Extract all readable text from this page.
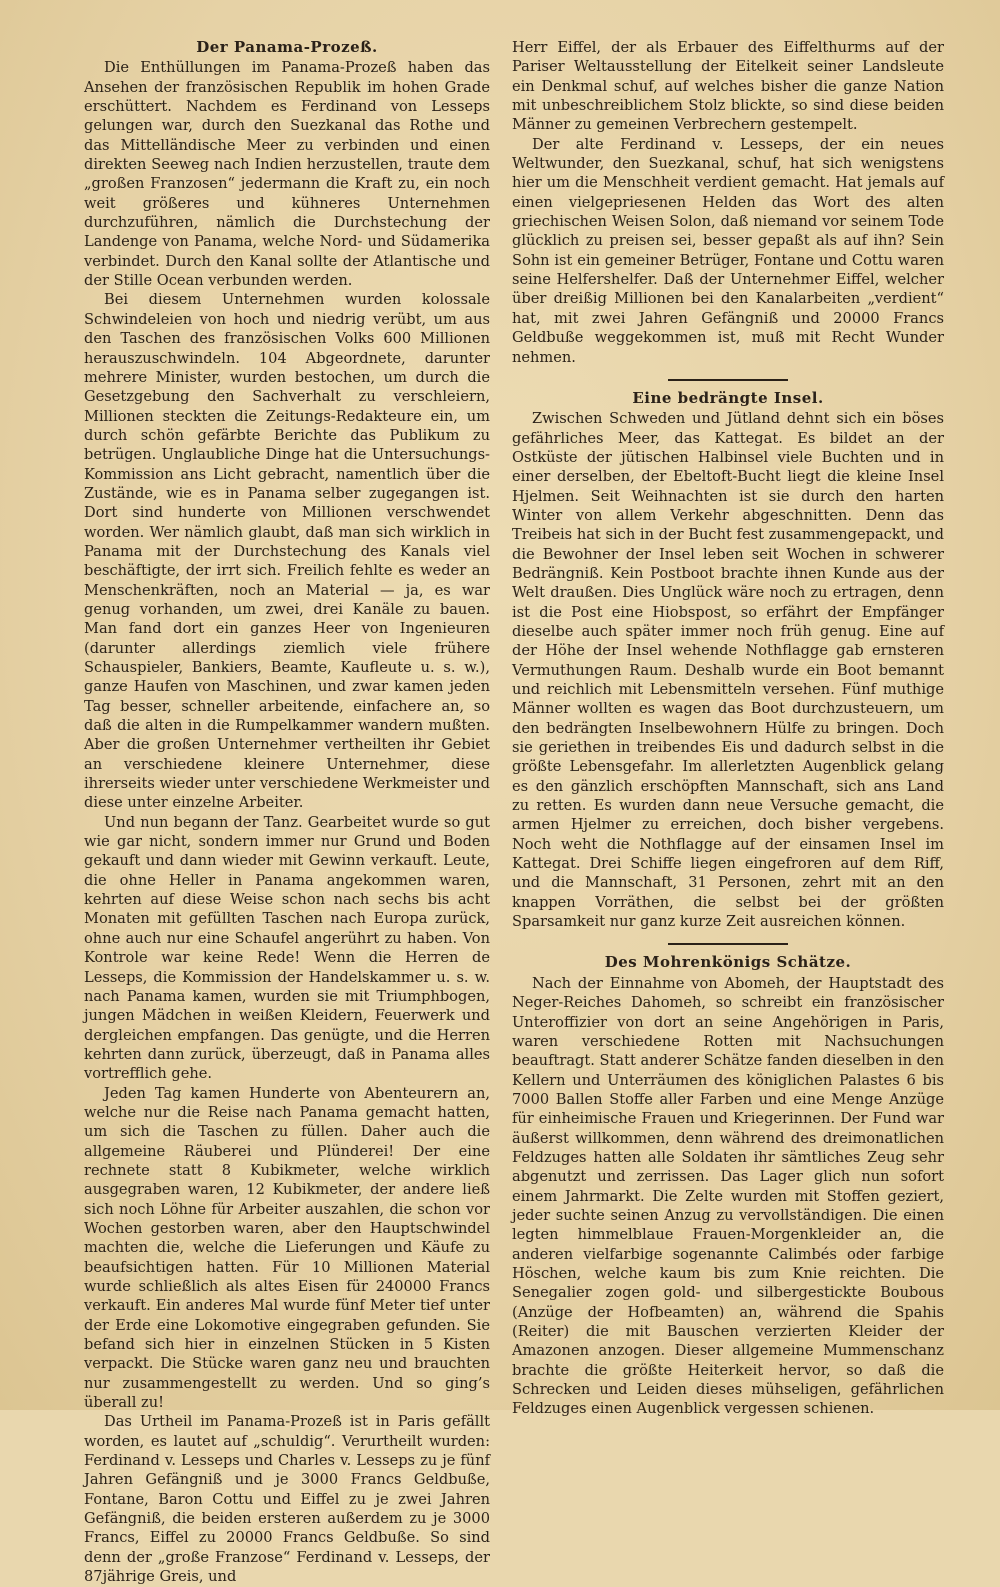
Der Panama-Prozeß.

Die Enthüllungen im Panama-Prozeß haben das Ansehen der französischen Republik im hohen Grade erschüttert. Nachdem es Ferdinand von Lesseps gelungen war, durch den Suezkanal das Rothe und das Mittelländische Meer zu verbinden und einen direkten Seeweg nach Indien herzustellen, traute dem „großen Franzosen“ jedermann die Kraft zu, ein noch weit größeres und kühneres Unternehmen durchzuführen, nämlich die Durchstechung der Landenge von Panama, welche Nord- und Südamerika verbindet. Durch den Kanal sollte der Atlantische und der Stille Ocean verbunden werden.

Bei diesem Unternehmen wurden kolossale Schwindeleien von hoch und niedrig verübt, um aus den Taschen des französischen Volks 600 Millionen herauszuschwindeln. 104 Abgeordnete, darunter mehrere Minister, wurden bestochen, um durch die Gesetzgebung den Sachverhalt zu verschleiern, Millionen steckten die Zeitungs-Redakteure ein, um durch schön gefärbte Berichte das Publikum zu betrügen. Unglaubliche Dinge hat die Untersuchungs-Kommission ans Licht gebracht, namentlich über die Zustände, wie es in Panama selber zugegangen ist. Dort sind hunderte von Millionen verschwendet worden. Wer nämlich glaubt, daß man sich wirklich in Panama mit der Durchstechung des Kanals viel beschäftigte, der irrt sich. Freilich fehlte es weder an Menschenkräften, noch an Material — ja, es war genug vorhanden, um zwei, drei Kanäle zu bauen. Man fand dort ein ganzes Heer von Ingenieuren (darunter allerdings ziemlich viele frühere Schauspieler, Bankiers, Beamte, Kaufleute u. s. w.), ganze Haufen von Maschinen, und zwar kamen jeden Tag besser, schneller arbeitende, einfachere an, so daß die alten in die Rumpelkammer wandern mußten. Aber die großen Unternehmer vertheilten ihr Gebiet an verschiedene kleinere Unternehmer, diese ihrerseits wieder unter verschiedene Werkmeister und diese unter einzelne Arbeiter.

Und nun begann der Tanz. Gearbeitet wurde so gut wie gar nicht, sondern immer nur Grund und Boden gekauft und dann wieder mit Gewinn verkauft. Leute, die ohne Heller in Panama angekommen waren, kehrten auf diese Weise schon nach sechs bis acht Monaten mit gefüllten Taschen nach Europa zurück, ohne auch nur eine Schaufel angerührt zu haben. Von Kontrole war keine Rede! Wenn die Herren de Lesseps, die Kommission der Handelskammer u. s. w. nach Panama kamen, wurden sie mit Triumphbogen, jungen Mädchen in weißen Kleidern, Feuerwerk und dergleichen empfangen. Das genügte, und die Herren kehrten dann zurück, überzeugt, daß in Panama alles vortrefflich gehe.

Jeden Tag kamen Hunderte von Abenteurern an, welche nur die Reise nach Panama gemacht hatten, um sich die Taschen zu füllen. Daher auch die allgemeine Räuberei und Plünderei! Der eine rechnete statt 8 Kubikmeter, welche wirklich ausgegraben waren, 12 Kubikmeter, der andere ließ sich noch Löhne für Arbeiter auszahlen, die schon vor Wochen gestorben waren, aber den Hauptschwindel machten die, welche die Lieferungen und Käufe zu beaufsichtigen hatten. Für 10 Millionen Material wurde schließlich als altes Eisen für 240000 Francs verkauft. Ein anderes Mal wurde fünf Meter tief unter der Erde eine Lokomotive eingegraben gefunden. Sie befand sich hier in einzelnen Stücken in 5 Kisten verpackt. Die Stücke waren ganz neu und brauchten nur zusammengestellt zu werden. Und so ging’s überall zu!

Das Urtheil im Panama-Prozeß ist in Paris gefällt worden, es lautet auf „schuldig“. Verurtheilt wurden: Ferdinand v. Lesseps und Charles v. Lesseps zu je fünf Jahren Gefängniß und je 3000 Francs Geldbuße, Fontane, Baron Cottu und Eiffel zu je zwei Jahren Gefängniß, die beiden ersteren außerdem zu je 3000 Francs, Eiffel zu 20000 Francs Geldbuße. So sind denn der „große Franzose“ Ferdinand v. Lesseps, der 87jährige Greis, und

Herr Eiffel, der als Erbauer des Eiffelthurms auf der Pariser Weltausstellung der Eitelkeit seiner Landsleute ein Denkmal schuf, auf welches bisher die ganze Nation mit unbeschreiblichem Stolz blickte, so sind diese beiden Männer zu gemeinen Verbrechern gestempelt.

Der alte Ferdinand v. Lesseps, der ein neues Weltwunder, den Suezkanal, schuf, hat sich wenigstens hier um die Menschheit verdient gemacht. Hat jemals auf einen vielgepriesenen Helden das Wort des alten griechischen Weisen Solon, daß niemand vor seinem Tode glücklich zu preisen sei, besser gepaßt als auf ihn? Sein Sohn ist ein gemeiner Betrüger, Fontane und Cottu waren seine Helfershelfer. Daß der Unternehmer Eiffel, welcher über dreißig Millionen bei den Kanalarbeiten „verdient“ hat, mit zwei Jahren Gefängniß und 20000 Francs Geldbuße weggekommen ist, muß mit Recht Wunder nehmen.

Eine bedrängte Insel.

Zwischen Schweden und Jütland dehnt sich ein böses gefährliches Meer, das Kattegat. Es bildet an der Ostküste der jütischen Halbinsel viele Buchten und in einer derselben, der Ebeltoft-Bucht liegt die kleine Insel Hjelmen. Seit Weihnachten ist sie durch den harten Winter von allem Verkehr abgeschnitten. Denn das Treibeis hat sich in der Bucht fest zusammengepackt, und die Bewohner der Insel leben seit Wochen in schwerer Bedrängniß. Kein Postboot brachte ihnen Kunde aus der Welt draußen. Dies Unglück wäre noch zu ertragen, denn ist die Post eine Hiobspost, so erfährt der Empfänger dieselbe auch später immer noch früh genug. Eine auf der Höhe der Insel wehende Nothflagge gab ernsteren Vermuthungen Raum. Deshalb wurde ein Boot bemannt und reichlich mit Lebensmitteln versehen. Fünf muthige Männer wollten es wagen das Boot durchzusteuern, um den bedrängten Inselbewohnern Hülfe zu bringen. Doch sie geriethen in treibendes Eis und dadurch selbst in die größte Lebensgefahr. Im allerletzten Augenblick gelang es den gänzlich erschöpften Mannschaft, sich ans Land zu retten. Es wurden dann neue Versuche gemacht, die armen Hjelmer zu erreichen, doch bisher vergebens. Noch weht die Nothflagge auf der einsamen Insel im Kattegat. Drei Schiffe liegen eingefroren auf dem Riff, und die Mannschaft, 31 Personen, zehrt mit an den knappen Vorräthen, die selbst bei der größten Sparsamkeit nur ganz kurze Zeit ausreichen können.

Des Mohrenkönigs Schätze.

Nach der Einnahme von Abomeh, der Hauptstadt des Neger-Reiches Dahomeh, so schreibt ein französischer Unteroffizier von dort an seine Angehörigen in Paris, waren verschiedene Rotten mit Nachsuchungen beauftragt. Statt anderer Schätze fanden dieselben in den Kellern und Unterräumen des königlichen Palastes 6 bis 7000 Ballen Stoffe aller Farben und eine Menge Anzüge für einheimische Frauen und Kriegerinnen. Der Fund war äußerst willkommen, denn während des dreimonatlichen Feldzuges hatten alle Soldaten ihr sämtliches Zeug sehr abgenutzt und zerrissen. Das Lager glich nun sofort einem Jahrmarkt. Die Zelte wurden mit Stoffen geziert, jeder suchte seinen Anzug zu vervollständigen. Die einen legten himmelblaue Frauen-Morgenkleider an, die anderen vielfarbige sogenannte Calimbés oder farbige Höschen, welche kaum bis zum Knie reichten. Die Senegalier zogen gold- und silbergestickte Boubous (Anzüge der Hofbeamten) an, während die Spahis (Reiter) die mit Bauschen verzierten Kleider der Amazonen anzogen. Dieser allgemeine Mummenschanz brachte die größte Heiterkeit hervor, so daß die Schrecken und Leiden dieses mühseligen, gefährlichen Feldzuges einen Augenblick vergessen schienen.
